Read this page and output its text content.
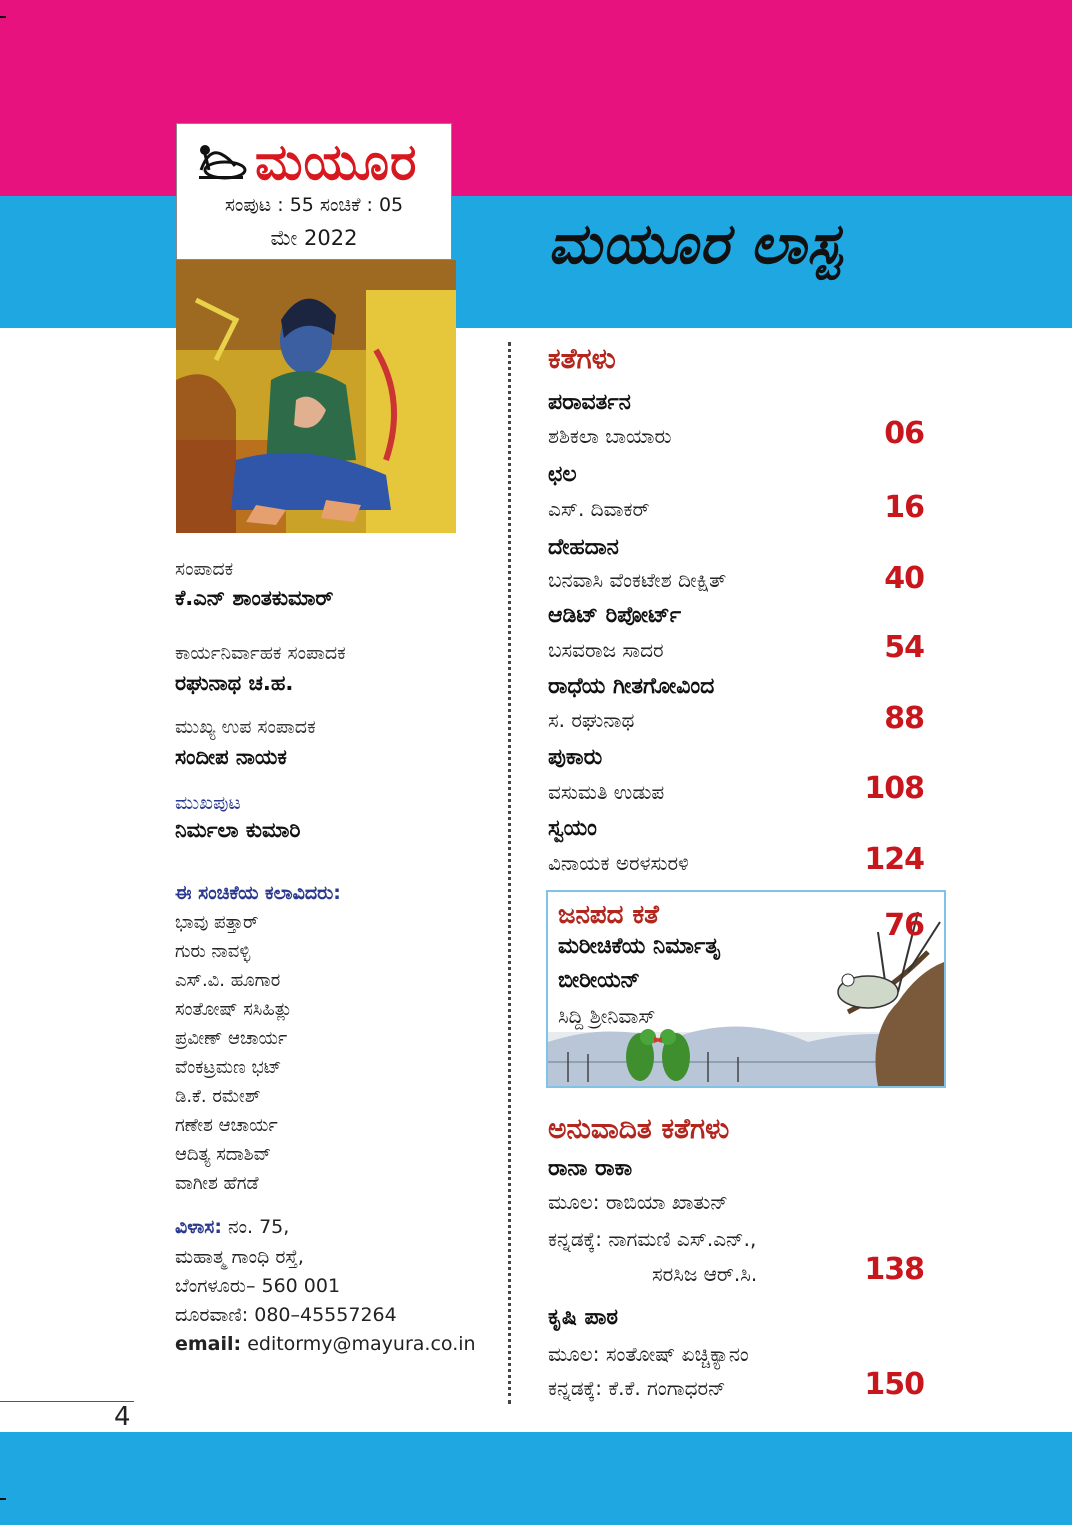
ಮಯೂರ
ಸಂಪುಟ : 55 ಸಂಚಿಕೆ : 05
ಮೇ 2022	ಮಯೂರ ಲಾಸ್ಟ
ಸಂಪಾದಕ
ಕೆ.ಎನ್ ಶಾಂತಕುಮಾರ್
ಕಾರ್ಯನಿರ್ವಾಹಕ ಸಂಪಾದಕ
ರಘುನಾಥ ಚ.ಹ.
ಮುಖ್ಯ ಉಪ ಸಂಪಾದಕ
ಸಂದೀಪ ನಾಯಕ
ಮುಖಪುಟ
ನಿರ್ಮಲಾ ಕುಮಾರಿ
ಈ ಸಂಚಿಕೆಯ ಕಲಾವಿದರು:
ಭಾವು ಪತ್ತಾರ್
ಗುರು ನಾವಳ್ಳಿ
ಎಸ್.ವಿ. ಹೂಗಾರ
ಸಂತೋಷ್ ಸಸಿಹಿತ್ಲು
ಪ್ರವೀಣ್ ಆಚಾರ್ಯ
ವೆಂಕಟ್ರಮಣ ಭಟ್
ಡಿ.ಕೆ. ರಮೇಶ್
ಗಣೇಶ ಆಚಾರ್ಯ
ಆದಿತ್ಯ ಸದಾಶಿವ್
ವಾಗೀಶ ಹೆಗಡೆ
ವಿಳಾಸ: ನಂ. 75,
ಮಹಾತ್ಮ ಗಾಂಧಿ ರಸ್ತೆ,
ಬೆಂಗಳೂರು– 560 001
ದೂರವಾಣಿ: 080–45557264
email: editormy@mayura.co.in
4
ಕತೆಗಳು
ಪರಾವರ್ತನ
ಶಶಿಕಲಾ ಬಾಯಾರು	06
ಛಲ
ಎಸ್. ದಿವಾಕರ್	16
ದೇಹದಾನ
ಬನವಾಸಿ ವೆಂಕಟೇಶ ದೀಕ್ಷಿತ್	40
ಆಡಿಟ್ ರಿಪೋರ್ಟ್
ಬಸವರಾಜ ಸಾದರ	54
ರಾಧೆಯ ಗೀತಗೋವಿಂದ
ಸ. ರಘುನಾಥ	88
ಪುಕಾರು
ವಸುಮತಿ ಉಡುಪ	108
ಸ್ವಯಂ
ವಿನಾಯಕ ಅರಳಸುರಳಿ	124
ಜನಪದ ಕತೆ
ಮರೀಚಿಕೆಯ ನಿರ್ಮಾತೃ
ಬೀರೀಯನ್
ಸಿದ್ದಿ ಶ್ರೀನಿವಾಸ್
76
ಅನುವಾದಿತ ಕತೆಗಳು
ರಾನಾ ರಾಕಾ
ಮೂಲ: ರಾಬಿಯಾ ಖಾತುನ್
ಕನ್ನಡಕ್ಕೆ: ನಾಗಮಣಿ ಎಸ್.ಎನ್.,
ಸರಸಿಜ ಆರ್.ಸಿ.	138
ಕೃಷಿ ಪಾಠ
ಮೂಲ: ಸಂತೋಷ್ ಏಚ್ಚಿಕ್ಯಾನಂ
ಕನ್ನಡಕ್ಕೆ: ಕೆ.ಕೆ. ಗಂಗಾಧರನ್	150
